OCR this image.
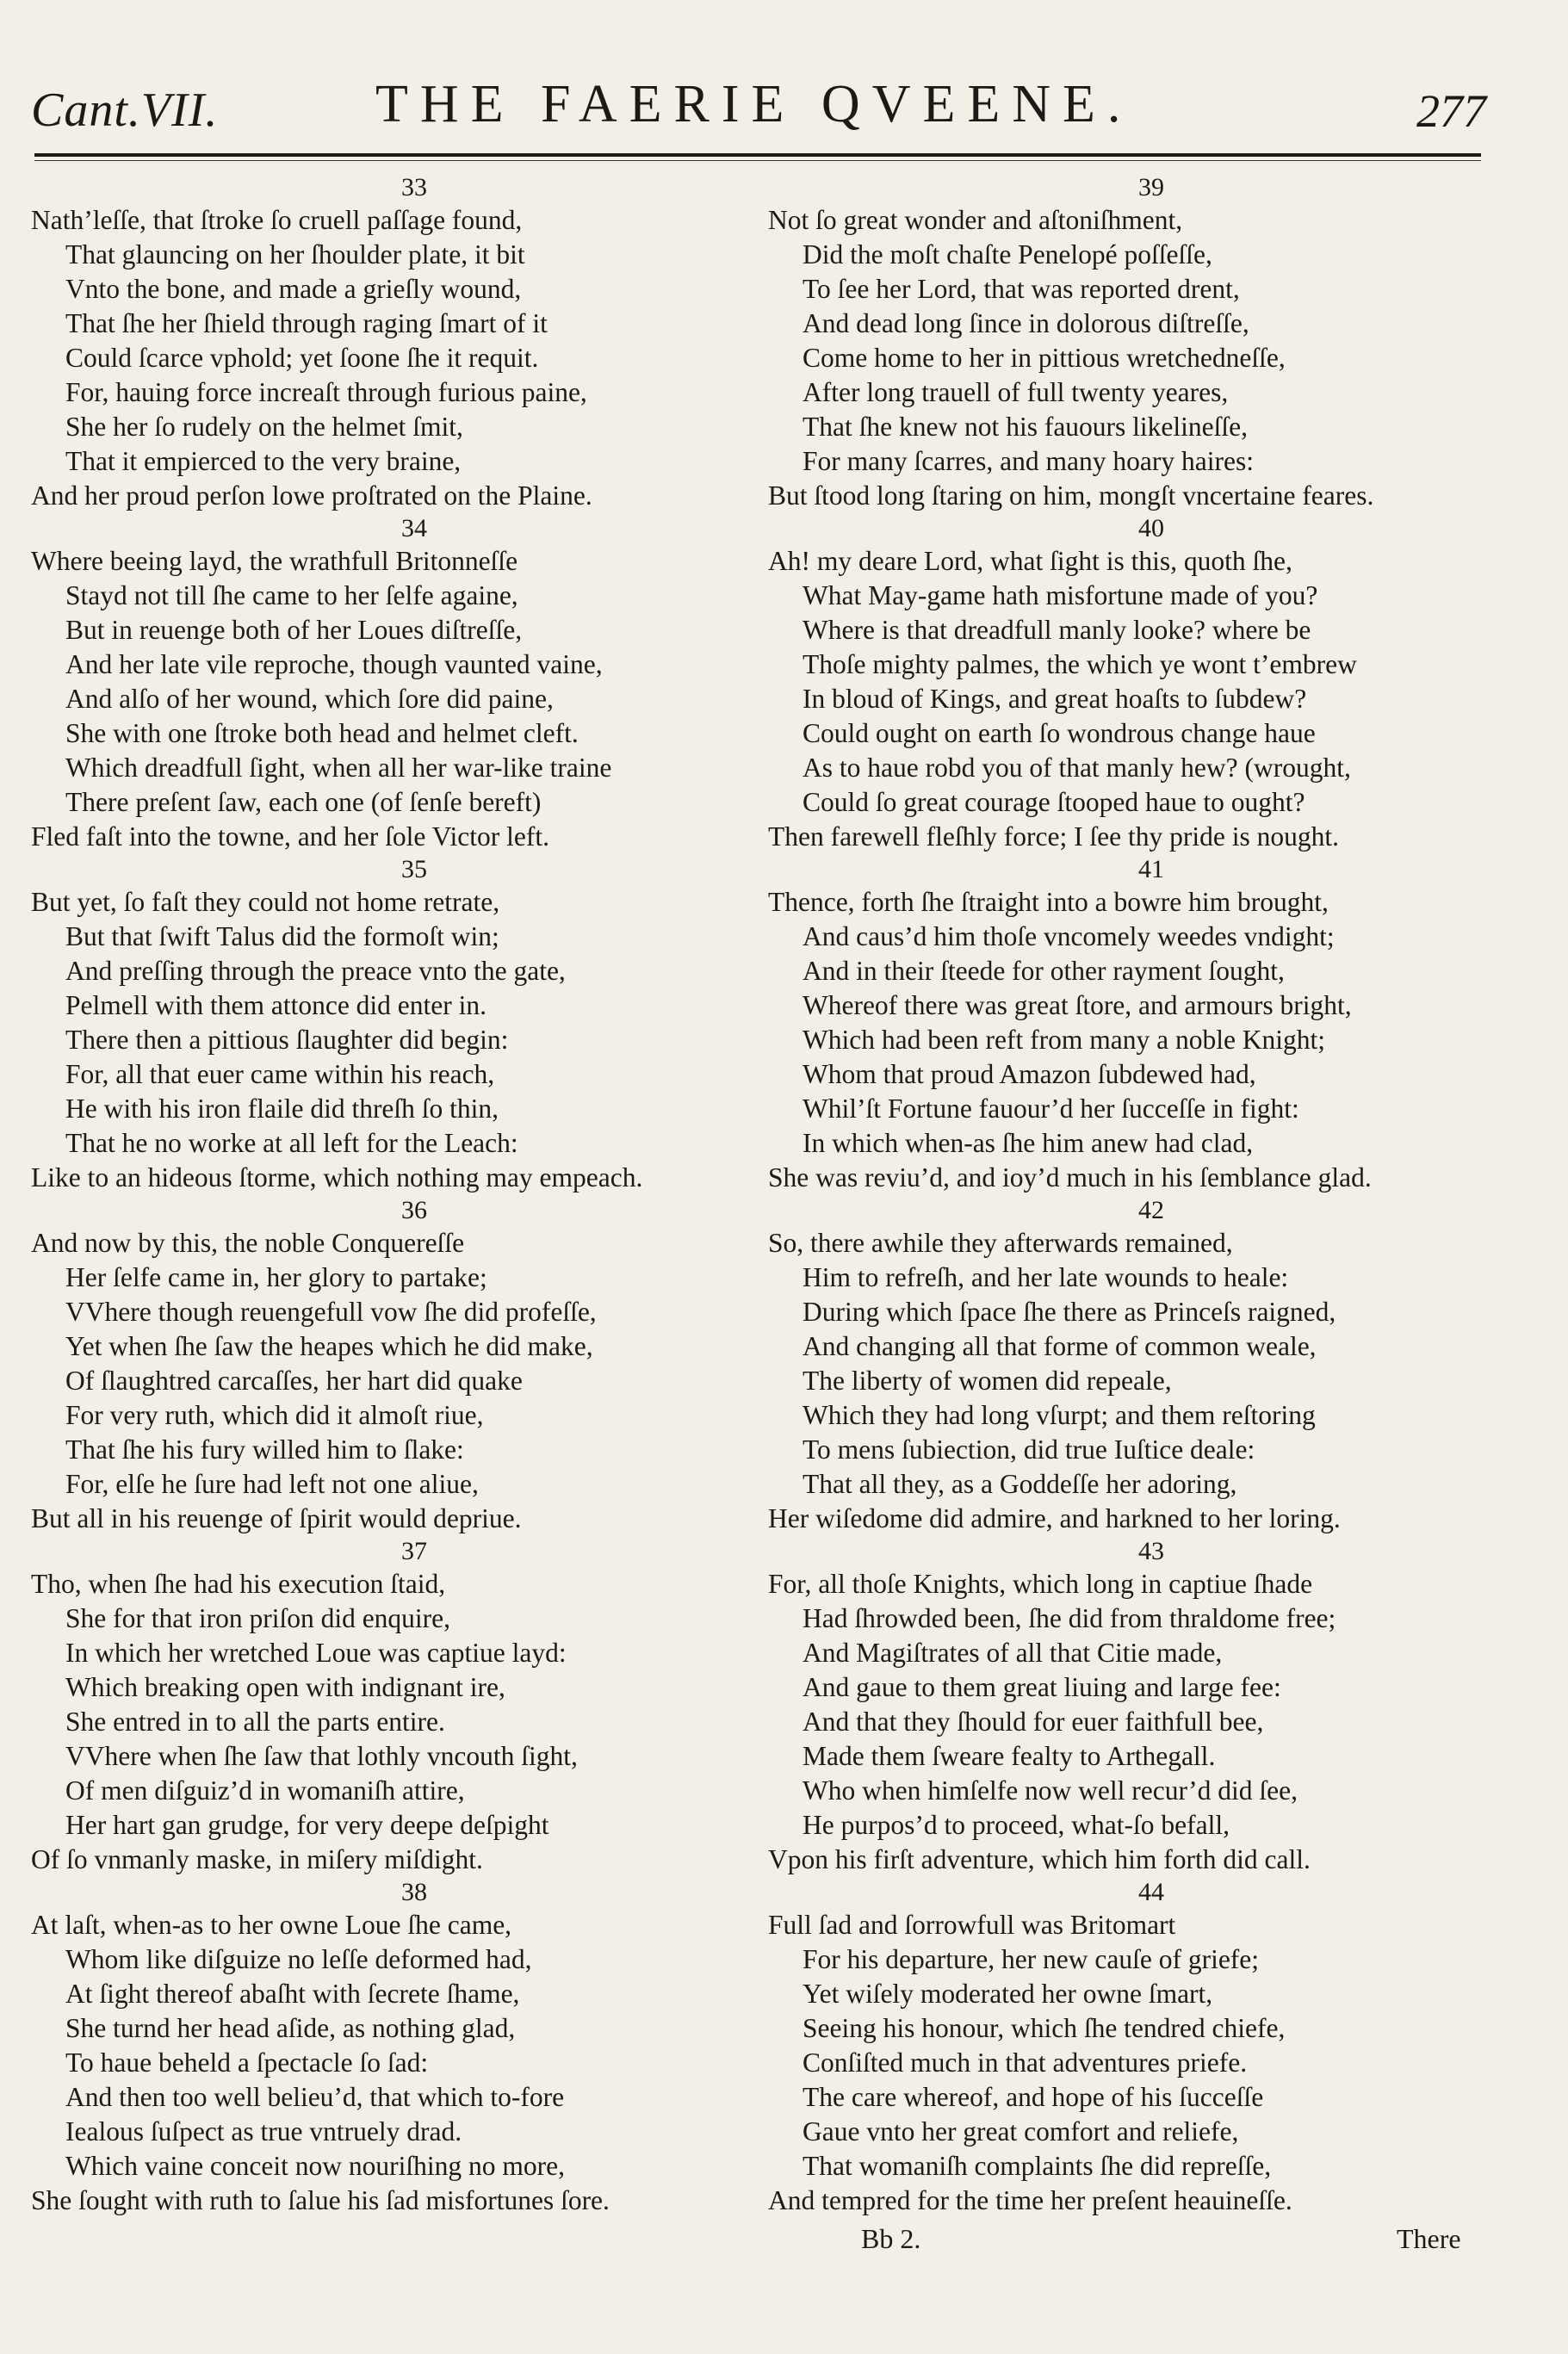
Cant.VII.	THE FAERIE QVEENE.	277
33
Nath’leſſe, that ſtroke ſo cruell paſſage found,
That glauncing on her ſhoulder plate, it bit
Vnto the bone, and made a grieſly wound,
That ſhe her ſhield through raging ſmart of it
Could ſcarce vphold; yet ſoone ſhe it requit.
For, hauing force increaſt through furious paine,
She her ſo rudely on the helmet ſmit,
That it empierced to the very braine,
And her proud perſon lowe proſtrated on the Plaine.
34
Where beeing layd, the wrathfull Britonneſſe
Stayd not till ſhe came to her ſelfe againe,
But in reuenge both of her Loues diſtreſſe,
And her late vile reproche, though vaunted vaine,
And alſo of her wound, which ſore did paine,
She with one ſtroke both head and helmet cleft.
Which dreadfull ſight, when all her war-like traine
There preſent ſaw, each one (of ſenſe bereft)
Fled faſt into the towne, and her ſole Victor left.
35
But yet, ſo faſt they could not home retrate,
But that ſwift Talus did the formoſt win;
And preſſing through the preace vnto the gate,
Pelmell with them attonce did enter in.
There then a pittious ſlaughter did begin:
For, all that euer came within his reach,
He with his iron flaile did threſh ſo thin,
That he no worke at all left for the Leach:
Like to an hideous ſtorme, which nothing may empeach.
36
And now by this, the noble Conquereſſe
Her ſelfe came in, her glory to partake;
VVhere though reuengefull vow ſhe did profeſſe,
Yet when ſhe ſaw the heapes which he did make,
Of ſlaughtred carcaſſes, her hart did quake
For very ruth, which did it almoſt riue,
That ſhe his fury willed him to ſlake:
For, elſe he ſure had left not one aliue,
But all in his reuenge of ſpirit would depriue.
37
Tho, when ſhe had his execution ſtaid,
She for that iron priſon did enquire,
In which her wretched Loue was captiue layd:
Which breaking open with indignant ire,
She entred in to all the parts entire.
VVhere when ſhe ſaw that lothly vncouth ſight,
Of men diſguiz’d in womaniſh attire,
Her hart gan grudge, for very deepe deſpight
Of ſo vnmanly maske, in miſery miſdight.
38
At laſt, when-as to her owne Loue ſhe came,
Whom like diſguize no leſſe deformed had,
At ſight thereof abaſht with ſecrete ſhame,
She turnd her head aſide, as nothing glad,
To haue beheld a ſpectacle ſo ſad:
And then too well belieu’d, that which to-fore
Iealous ſuſpect as true vntruely drad.
Which vaine conceit now nouriſhing no more,
She ſought with ruth to ſalue his ſad misfortunes ſore.
39
Not ſo great wonder and aſtoniſhment,
Did the moſt chaſte Penelopé poſſeſſe,
To ſee her Lord, that was reported drent,
And dead long ſince in dolorous diſtreſſe,
Come home to her in pittious wretchedneſſe,
After long trauell of full twenty yeares,
That ſhe knew not his fauours likelineſſe,
For many ſcarres, and many hoary haires:
But ſtood long ſtaring on him, mongſt vncertaine feares.
40
Ah! my deare Lord, what ſight is this, quoth ſhe,
What May-game hath misfortune made of you?
Where is that dreadfull manly looke? where be
Thoſe mighty palmes, the which ye wont t’embrew
In bloud of Kings, and great hoaſts to ſubdew?
Could ought on earth ſo wondrous change haue
As to haue robd you of that manly hew? (wrought,
Could ſo great courage ſtooped haue to ought?
Then farewell fleſhly force; I ſee thy pride is nought.
41
Thence, forth ſhe ſtraight into a bowre him brought,
And caus’d him thoſe vncomely weedes vndight;
And in their ſteede for other rayment ſought,
Whereof there was great ſtore, and armours bright,
Which had been reft from many a noble Knight;
Whom that proud Amazon ſubdewed had,
Whil’ſt Fortune fauour’d her ſucceſſe in fight:
In which when-as ſhe him anew had clad,
She was reviu’d, and ioy’d much in his ſemblance glad.
42
So, there awhile they afterwards remained,
Him to refreſh, and her late wounds to heale:
During which ſpace ſhe there as Princeſs raigned,
And changing all that forme of common weale,
The liberty of women did repeale,
Which they had long vſurpt; and them reſtoring
To mens ſubiection, did true Iuſtice deale:
That all they, as a Goddeſſe her adoring,
Her wiſedome did admire, and harkned to her loring.
43
For, all thoſe Knights, which long in captiue ſhade
Had ſhrowded been, ſhe did from thraldome free;
And Magiſtrates of all that Citie made,
And gaue to them great liuing and large fee:
And that they ſhould for euer faithfull bee,
Made them ſweare fealty to Arthegall.
Who when himſelfe now well recur’d did ſee,
He purpos’d to proceed, what-ſo befall,
Vpon his firſt adventure, which him forth did call.
44
Full ſad and ſorrowfull was Britomart
For his departure, her new cauſe of griefe;
Yet wiſely moderated her owne ſmart,
Seeing his honour, which ſhe tendred chiefe,
Conſiſted much in that adventures priefe.
The care whereof, and hope of his ſucceſſe
Gaue vnto her great comfort and reliefe,
That womaniſh complaints ſhe did repreſſe,
And tempred for the time her preſent heauineſſe.
Bb 2.	There
